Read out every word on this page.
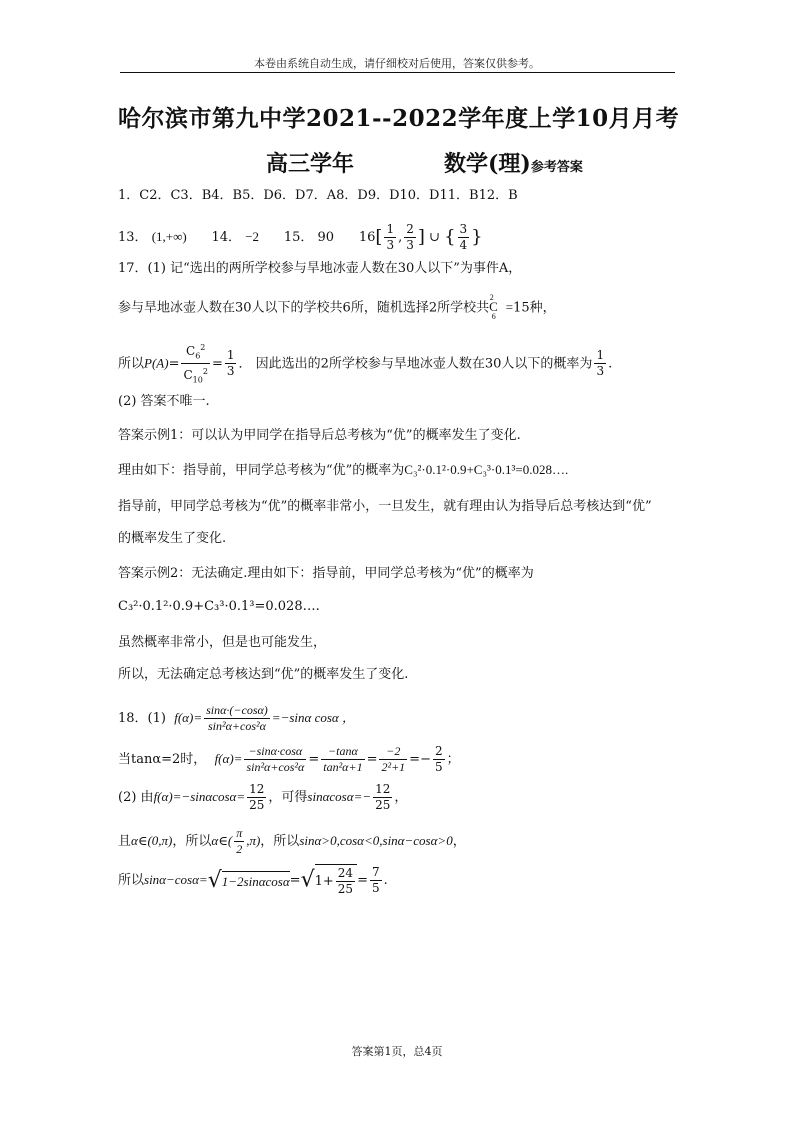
本卷由系统自动生成，请仔细校对后使用，答案仅供参考。
哈尔滨市第九中学2021--2022学年度上学10月月考
高三学年	数学(理)参考答案
1．C2．C3．B4．B5．D6．D7．A8．D9．D10．D11．B12．B
13． (1,+∞) 14． −2 15． 90 $16[ \frac{1}{3}$ , $\frac{2}{3}$ ] ∪ { $\frac{3}{4}$ }
17．(1) 记“选出的两所学校参与旱地冰壶人数在30人以下”为事件A，
参与旱地冰壶人数在30人以下的学校共6所，随机选择2所学校共$C_6^2=15$种，
所以$P(A)= \frac{C_6^2}{C_{10}^2} = \frac{1}{3}$ ． 因此选出的2所学校参与旱地冰壶人数在30人以下的概率为 $\frac{1}{3}$ .
(2) 答案不唯一.
答案示例1：可以认为甲同学在指导后总考核为“优”的概率发生了变化.
理由如下：指导前，甲同学总考核为“优”的概率为C₃²·0.1²·0.9+C₃³·0.1³=0.028….
指导前，甲同学总考核为“优”的概率非常小，一旦发生，就有理由认为指导后总考核达到“优”
的概率发生了变化.
答案示例2：无法确定.理由如下：指导前，甲同学总考核为“优”的概率为
C₃²·0.1²·0.9+C₃³·0.1³=0.028….
虽然概率非常小，但是也可能发生，
所以，无法确定总考核达到“优”的概率发生了变化.
18．(1) $f(\alpha)= \frac{\sin\alpha\cdot(-\cos\alpha)}{\text{sin²α+cos²α}} =-\sin\alpha$ cosα ，
当tanα=2时， $f(\alpha)= \frac{-\sin\alpha\cdot\cos\alpha}{\text{sin²α+cos²α}} = \frac{-\tan\alpha}{\text{tan²α+1}} = \frac{-2}{\text{2²+1}} =- \frac{2}{5}$ ；
(2) 由$f(\alpha)=-\sin\alpha\cos\alpha= \frac{12}{25}$ ，可得$\sin\alpha\cos\alpha=- \frac{12}{25}$ ，
且α∈(0,π)，所以α∈( $\frac{\pi}{2} ,\pi$)，所以sinα>0,cosα<0,sinα−cosα>0，
所以$\sin\alpha-\cos\alpha=√1-2\sin\alpha\cos\alpha=√1+ \frac{24}{25} = \frac{7}{5}$ .
答案第1页，总4页
